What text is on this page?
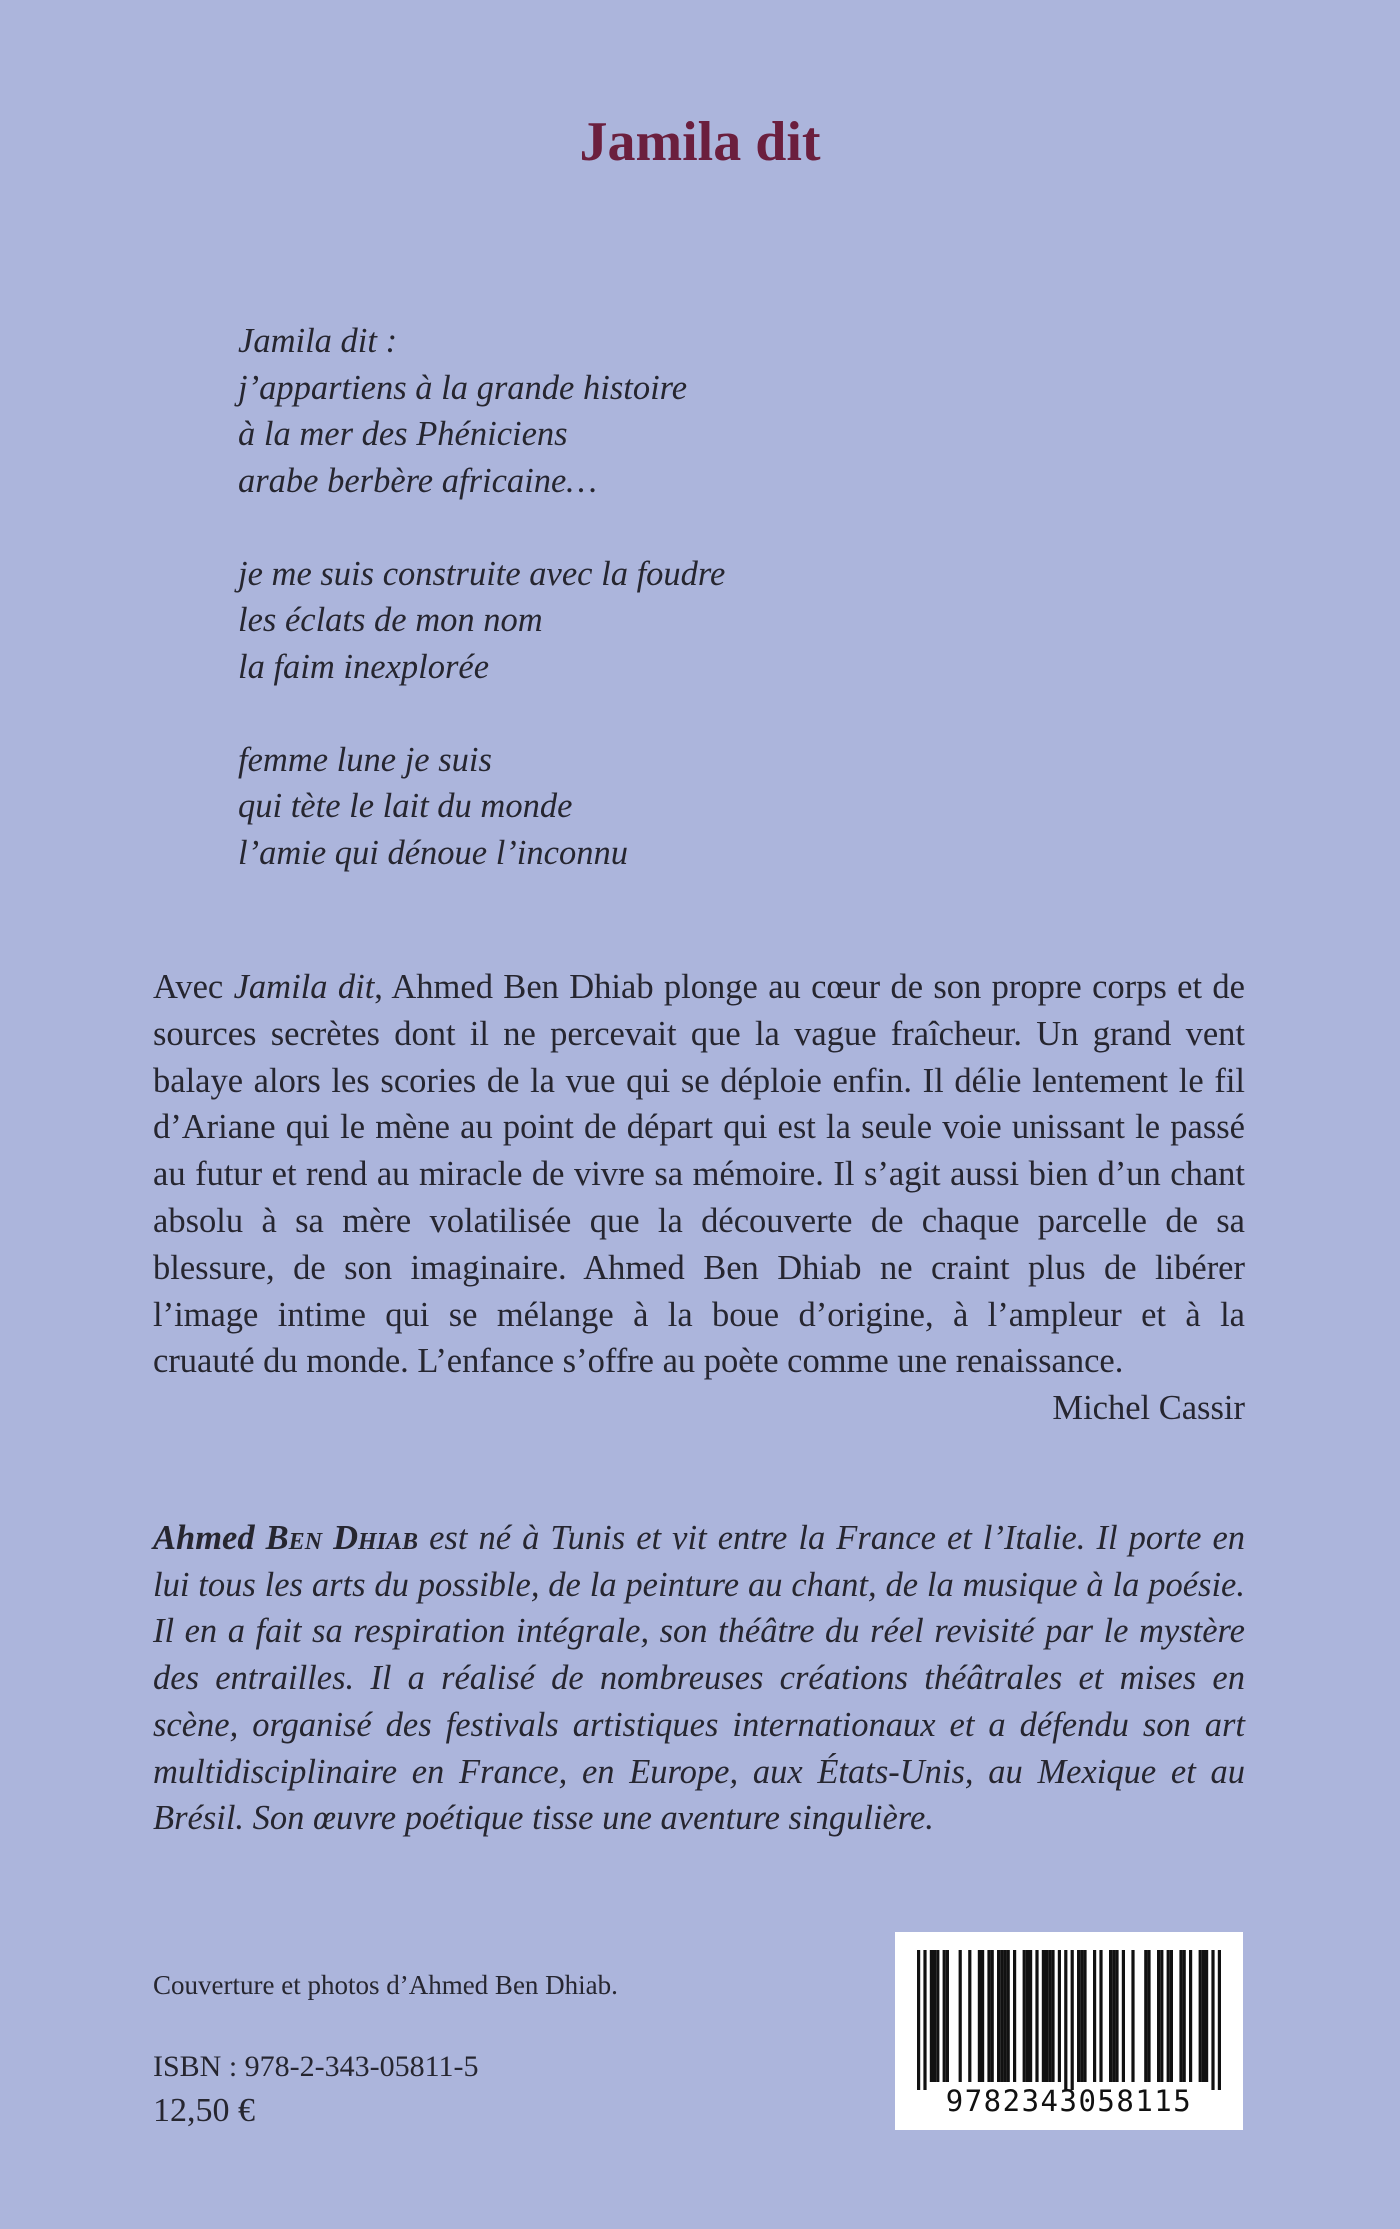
Jamila dit
Jamila dit :
j’appartiens à la grande histoire
à la mer des Phéniciens
arabe berbère africaine…
je me suis construite avec la foudre
les éclats de mon nom
la faim inexplorée
femme lune je suis
qui tète le lait du monde
l’amie qui dénoue l’inconnu

Avec Jamila dit, Ahmed Ben Dhiab plonge au cœur de son propre corps et de sources secrètes dont il ne percevait que la vague fraîcheur. Un grand vent balaye alors les scories de la vue qui se déploie enfin. Il délie lentement le fil d’Ariane qui le mène au point de départ qui est la seule voie unissant le passé au futur et rend au miracle de vivre sa mémoire. Il s’agit aussi bien d’un chant absolu à sa mère volatilisée que la découverte de chaque parcelle de sa blessure, de son imaginaire. Ahmed Ben Dhiab ne craint plus de libérer l’image intime qui se mélange à la boue d’origine, à l’ampleur et à la

cruauté du monde. L’enfance s’offre au poète comme une renaissance.

Michel Cassir

Ahmed Ben Dhiab est né à Tunis et vit entre la France et l’Italie. Il porte en lui tous les arts du possible, de la peinture au chant, de la musique à la poésie. Il en a fait sa respiration intégrale, son théâtre du réel revisité par le mystère des entrailles. Il a réalisé de nombreuses créations théâtrales et mises en scène, organisé des festivals artistiques internationaux et a défendu son art multidisciplinaire en France, en Europe, aux États-Unis, au Mexique et au

Brésil. Son œuvre poétique tisse une aventure singulière.

Couverture et photos d’Ahmed Ben Dhiab.

ISBN : 978-2-343-05811-5

12,50 €	9782343058115
